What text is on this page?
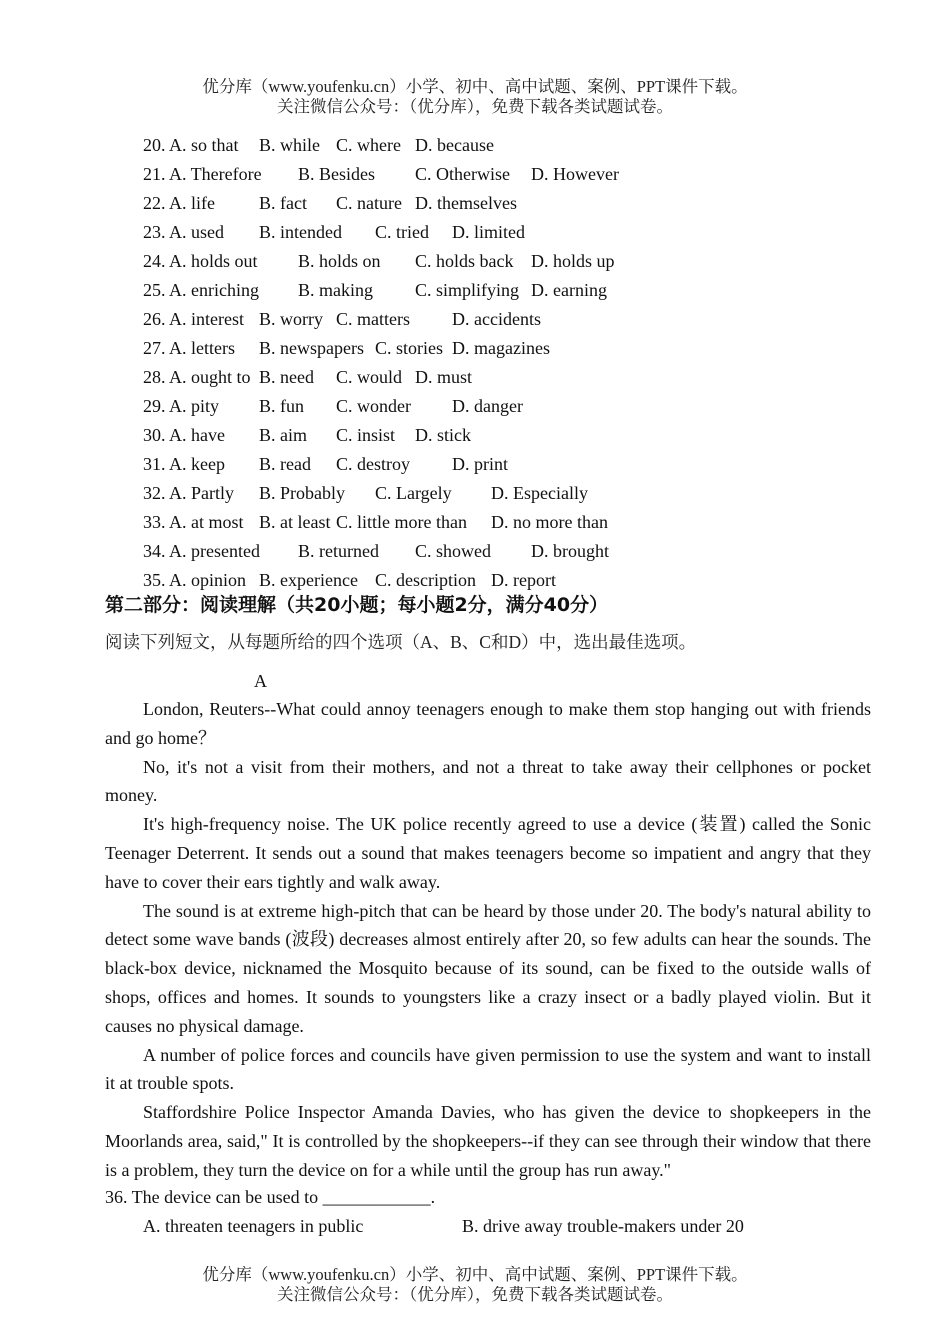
优分库（www.youfenku.cn）小学、初中、高中试题、案例、PPT课件下载。
关注微信公众号：（优分库），免费下载各类试题试卷。
20. A. so that B. while C. where D. because
21. A. Therefore B. Besides C. Otherwise D. However
22. A. life B. fact C. nature D. themselves
23. A. used B. intended C. tried D. limited
24. A. holds out B. holds on C. holds back D. holds up
25. A. enriching B. making C. simplifying D. earning
26. A. interest B. worry C. matters D. accidents
27. A. letters B. newspapers C. stories D. magazines
28. A. ought to B. need C. would D. must
29. A. pity B. fun C. wonder D. danger
30. A. have B. aim C. insist D. stick
31. A. keep B. read C. destroy D. print
32. A. Partly B. Probably C. Largely D. Especially
33. A. at most B. at least C. little more than D. no more than
34. A. presented B. returned C. showed D. brought
35. A. opinion B. experience C. description D. report
第二部分：阅读理解（共20小题；每小题2分，满分40分）
阅读下列短文，从每题所给的四个选项（A、B、C和D）中，选出最佳选项。
A

London, Reuters--What could annoy teenagers enough to make them stop hanging out with friends and go home？

No, it's not a visit from their mothers, and not a threat to take away their cellphones or pocket money.

It's high-frequency noise. The UK police recently agreed to use a device (装置) called the Sonic Teenager Deterrent. It sends out a sound that makes teenagers become so impatient and angry that they have to cover their ears tightly and walk away.

The sound is at extreme high-pitch that can be heard by those under 20. The body's natural ability to detect some wave bands (波段) decreases almost entirely after 20, so few adults can hear the sounds. The black-box device, nicknamed the Mosquito because of its sound, can be fixed to the outside walls of shops, offices and homes. It sounds to youngsters like a crazy insect or a badly played violin. But it causes no physical damage.

A number of police forces and councils have given permission to use the system and want to install it at trouble spots.

Staffordshire Police Inspector Amanda Davies, who has given the device to shopkeepers in the Moorlands area, said," It is controlled by the shopkeepers--if they can see through their window that there is a problem, they turn the device on for a while until the group has run away."

36. The device can be used to ____________.
A. threaten teenagers in public	B. drive away trouble-makers under 20
优分库（www.youfenku.cn）小学、初中、高中试题、案例、PPT课件下载。
关注微信公众号：（优分库），免费下载各类试题试卷。
